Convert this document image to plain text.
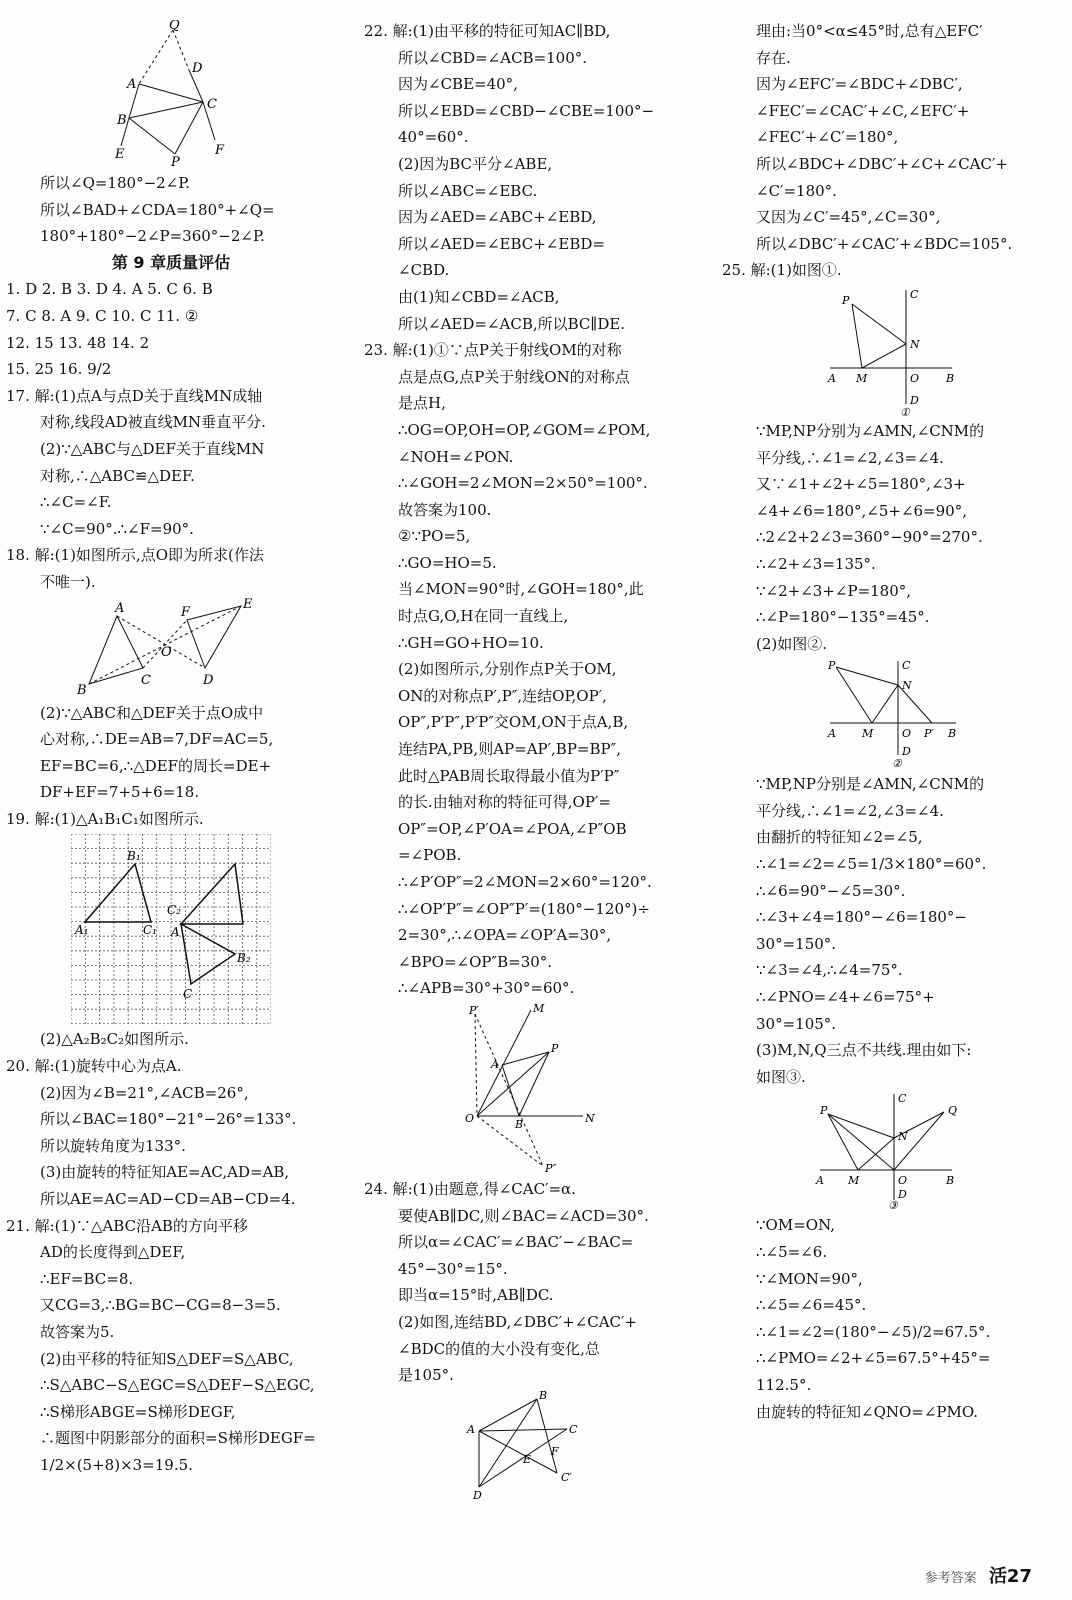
Q
D
A
C
B
E
P
F
所以∠Q=180°−2∠P.
所以∠BAD+∠CDA=180°+∠Q=
180°+180°−2∠P=360°−2∠P.
第 9 章质量评估
1. D 2. B 3. D 4. A 5. C 6. B
7. C 8. A 9. C 10. C 11. ②
12. 15 13. 48 14. 2
15. 25 16. 9/2
17. 解:(1)点A与点D关于直线MN成轴
对称,线段AD被直线MN垂直平分.
(2)∵△ABC与△DEF关于直线MN
对称,∴△ABC≌△DEF.
∴∠C=∠F.
∵∠C=90°.∴∠F=90°.
18. 解:(1)如图所示,点O即为所求(作法
不唯一).
A	F
E
O
B
C	D
(2)∵△ABC和△DEF关于点O成中
心对称,∴DE=AB=7,DF=AC=5,
EF=BC=6,∴△DEF的周长=DE+
DF+EF=7+5+6=18.
19. 解:(1)△A₁B₁C₁如图所示.
B₁
C₂
A₁	C₁ A
B₂
C
(2)△A₂B₂C₂如图所示.
20. 解:(1)旋转中心为点A.
(2)因为∠B=21°,∠ACB=26°,
所以∠BAC=180°−21°−26°=133°.
所以旋转角度为133°.
(3)由旋转的特征知AE=AC,AD=AB,
所以AE=AC=AD−CD=AB−CD=4.
21. 解:(1)∵△ABC沿AB的方向平移
AD的长度得到△DEF,
∴EF=BC=8.
又CG=3,∴BG=BC−CG=8−3=5.
故答案为5.
(2)由平移的特征知S△DEF=S△ABC,
∴S△ABC−S△EGC=S△DEF−S△EGC,
∴S梯形ABGE=S梯形DEGF,
∴题图中阴影部分的面积=S梯形DEGF=
1/2×(5+8)×3=19.5.
22. 解:(1)由平移的特征可知AC∥BD,
所以∠CBD=∠ACB=100°.
因为∠CBE=40°,
所以∠EBD=∠CBD−∠CBE=100°−
40°=60°.
(2)因为BC平分∠ABE,
所以∠ABC=∠EBC.
因为∠AED=∠ABC+∠EBD,
所以∠AED=∠EBC+∠EBD=
∠CBD.
由(1)知∠CBD=∠ACB,
所以∠AED=∠ACB,所以BC∥DE.
23. 解:(1)①∵点P关于射线OM的对称
点是点G,点P关于射线ON的对称点
是点H,
∴OG=OP,OH=OP,∠GOM=∠POM,
∠NOH=∠PON.
∴∠GOH=2∠MON=2×50°=100°.
故答案为100.
②∵PO=5,
∴GO=HO=5.
当∠MON=90°时,∠GOH=180°,此
时点G,O,H在同一直线上,
∴GH=GO+HO=10.
(2)如图所示,分别作点P关于OM,
ON的对称点P′,P″,连结OP,OP′,
OP″,P′P″,P′P″交OM,ON于点A,B,
连结PA,PB,则AP=AP′,BP=BP″,
此时△PAB周长取得最小值为P′P″
的长.由轴对称的特征可得,OP′=
OP″=OP,∠P′OA=∠POA,∠P″OB
=∠POB.
∴∠P′OP″=2∠MON=2×60°=120°.
∴∠OP′P″=∠OP″P′=(180°−120°)÷
2=30°,∴∠OPA=∠OP′A=30°,
∠BPO=∠OP″B=30°.
∴∠APB=30°+30°=60°.
P′	M
P
A
O	B	N
P″
24. 解:(1)由题意,得∠CAC′=α.
要使AB∥DC,则∠BAC=∠ACD=30°.
所以α=∠CAC′=∠BAC′−∠BAC=
45°−30°=15°.
即当α=15°时,AB∥DC.
(2)如图,连结BD,∠DBC′+∠CAC′+
∠BDC的值的大小没有变化,总
是105°.
B
A	C
E
F
C′
D
理由:当0°<α≤45°时,总有△EFC′
存在.
因为∠EFC′=∠BDC+∠DBC′,
∠FEC′=∠CAC′+∠C,∠EFC′+
∠FEC′+∠C′=180°,
所以∠BDC+∠DBC′+∠C+∠CAC′+
∠C′=180°.
又因为∠C′=45°,∠C=30°,
所以∠DBC′+∠CAC′+∠BDC=105°.
25. 解:(1)如图①.
P	C
N
A M	O B
D
①
∵MP,NP分别为∠AMN,∠CNM的
平分线,∴∠1=∠2,∠3=∠4.
又∵∠1+∠2+∠5=180°,∠3+
∠4+∠6=180°,∠5+∠6=90°,
∴2∠2+2∠3=360°−90°=270°.
∴∠2+∠3=135°.
∵∠2+∠3+∠P=180°,
∴∠P=180°−135°=45°.
(2)如图②.
P	C
N
A M	O P′ B
D
②
∵MP,NP分别是∠AMN,∠CNM的
平分线,∴∠1=∠2,∠3=∠4.
由翻折的特征知∠2=∠5,
∴∠1=∠2=∠5=1/3×180°=60°.
∴∠6=90°−∠5=30°.
∴∠3+∠4=180°−∠6=180°−
30°=150°.
∵∠3=∠4,∴∠4=75°.
∴∠PNO=∠4+∠6=75°+
30°=105°.
(3)M,N,Q三点不共线.理由如下:
如图③.
P
C
Q
N
A M	O	B
D
③
∵OM=ON,
∴∠5=∠6.
∵∠MON=90°,
∴∠5=∠6=45°.
∴∠1=∠2=(180°−∠5)/2=67.5°.
∴∠PMO=∠2+∠5=67.5°+45°=
112.5°.
由旋转的特征知∠QNO=∠PMO.
参考答案 活27
